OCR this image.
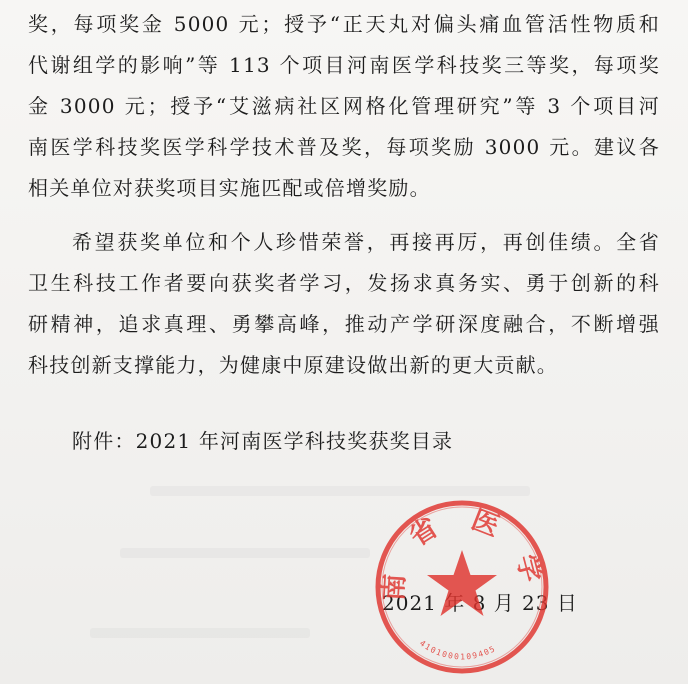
奖，每项奖金 5000 元；授予“正天丸对偏头痛血管活性物质和
代谢组学的影响”等 113 个项目河南医学科技奖三等奖，每项奖
金 3000 元；授予“艾滋病社区网格化管理研究”等 3 个项目河
南医学科技奖医学科学技术普及奖，每项奖励 3000 元。建议各
相关单位对获奖项目实施匹配或倍增奖励。
希望获奖单位和个人珍惜荣誉，再接再厉，再创佳绩。全省
卫生科技工作者要向获奖者学习，发扬求真务实、勇于创新的科
研精神，追求真理、勇攀高峰，推动产学研深度融合，不断增强
科技创新支撑能力，为健康中原建设做出新的更大贡献。
附件：2021 年河南医学科技奖获奖目录
2021 年 8 月 23 日
南 省 医 学
4101000109405
